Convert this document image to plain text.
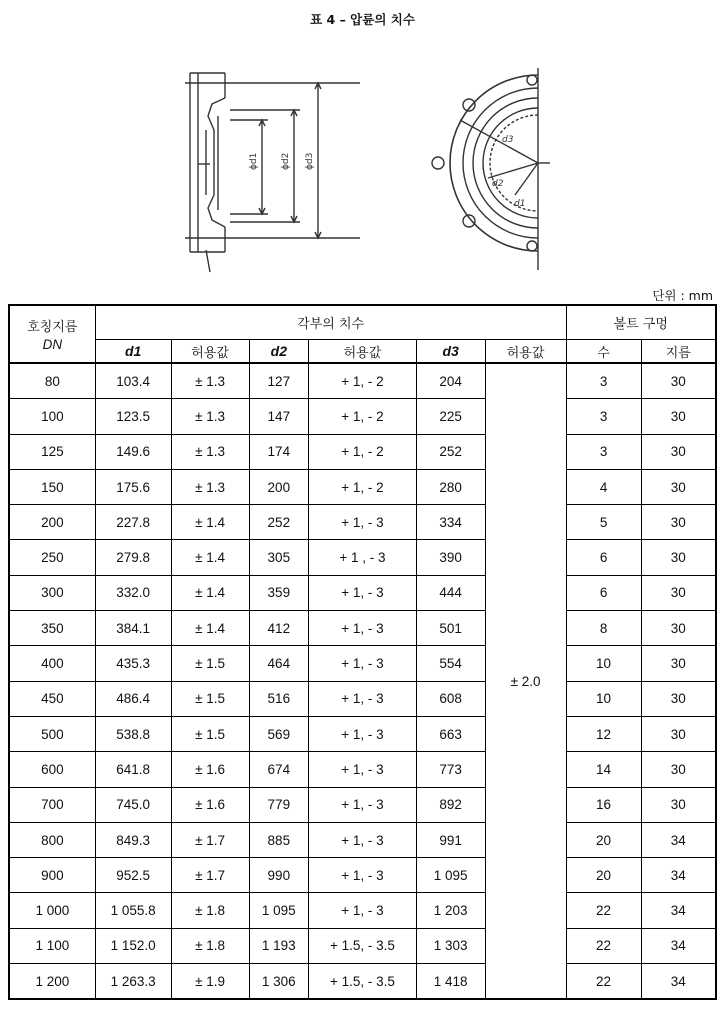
표 4 – 압륜의 치수
ϕd1 ϕd2 ϕd3
d3
d2
d1
단위 : mm
호칭지름
DN	각부의 치수						볼트 구멍	
	d1	허용값	d2	허용값	d3	허용값	수	지름
80	103.4	± 1.3	127	+ 1, - 2	204	± 2.0	3	30
100	123.5	± 1.3	147	+ 1, - 2	225		3	30
125	149.6	± 1.3	174	+ 1, - 2	252		3	30
150	175.6	± 1.3	200	+ 1, - 2	280		4	30
200	227.8	± 1.4	252	+ 1, - 3	334		5	30
250	279.8	± 1.4	305	+ 1 , - 3	390		6	30
300	332.0	± 1.4	359	+ 1, - 3	444		6	30
350	384.1	± 1.4	412	+ 1, - 3	501		8	30
400	435.3	± 1.5	464	+ 1, - 3	554		10	30
450	486.4	± 1.5	516	+ 1, - 3	608		10	30
500	538.8	± 1.5	569	+ 1, - 3	663		12	30
600	641.8	± 1.6	674	+ 1, - 3	773		14	30
700	745.0	± 1.6	779	+ 1, - 3	892		16	30
800	849.3	± 1.7	885	+ 1, - 3	991		20	34
900	952.5	± 1.7	990	+ 1, - 3	1 095		20	34
1 000	1 055.8	± 1.8	1 095	+ 1, - 3	1 203		22	34
1 100	1 152.0	± 1.8	1 193	+ 1.5, - 3.5	1 303		22	34
1 200	1 263.3	± 1.9	1 306	+ 1.5, - 3.5	1 418		22	34
